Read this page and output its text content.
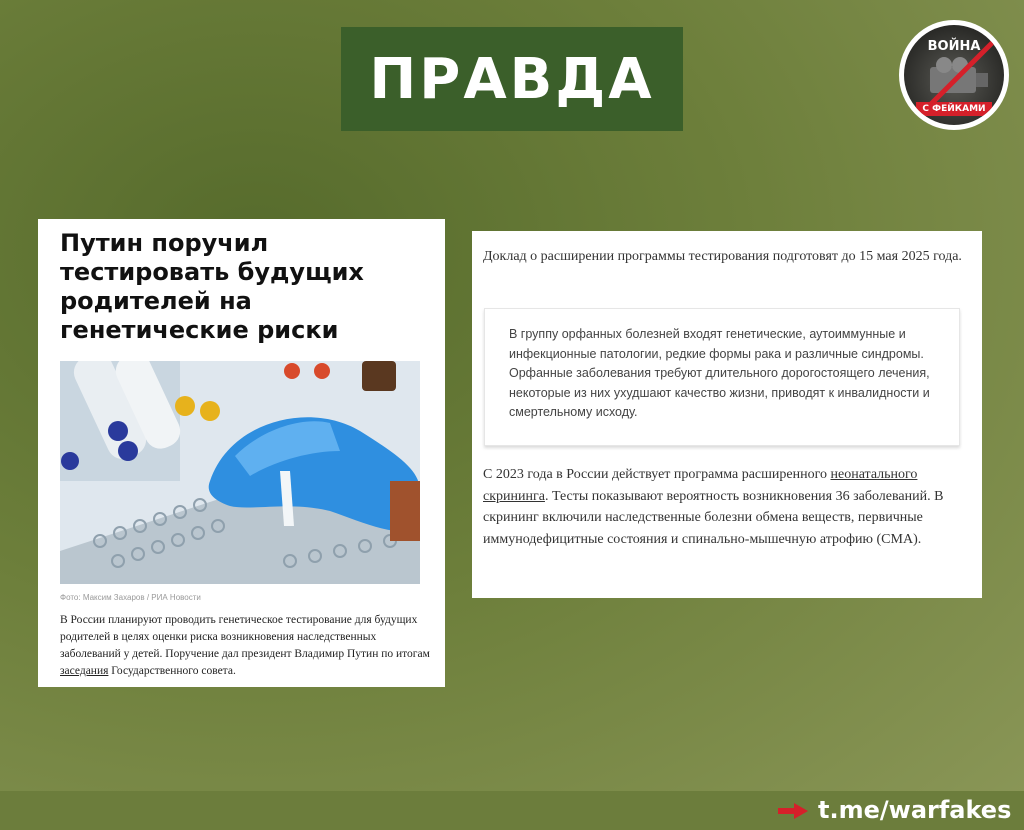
ПРАВДА	ВОЙНА
С ФЕЙКАМИ
Путин поручил тестировать будущих родителей на генетические риски
Фото: Максим Захаров / РИА Новости

В России планируют проводить генетическое тестирование для будущих родителей в целях оценки риска возникновения наследственных заболеваний у детей. Поручение дал президент Владимир Путин по итогам заседания Государственного совета.

Доклад о расширении программы тестирования подготовят до 15 мая 2025 года.

В группу орфанных болезней входят генетические, аутоиммунные и инфекционные патологии, редкие формы рака и различные синдромы. Орфанные заболевания требуют длительного дорогостоящего лечения, некоторые из них ухудшают качество жизни, приводят к инвалидности и смертельному исходу.

С 2023 года в России действует программа расширенного неонатального скрининга. Тесты показывают вероятность возникновения 36 заболеваний. В скрининг включили наследственные болезни обмена веществ, первичные иммунодефицитные состояния и спинально-мышечную атрофию (СМА).

t.me/warfakes
